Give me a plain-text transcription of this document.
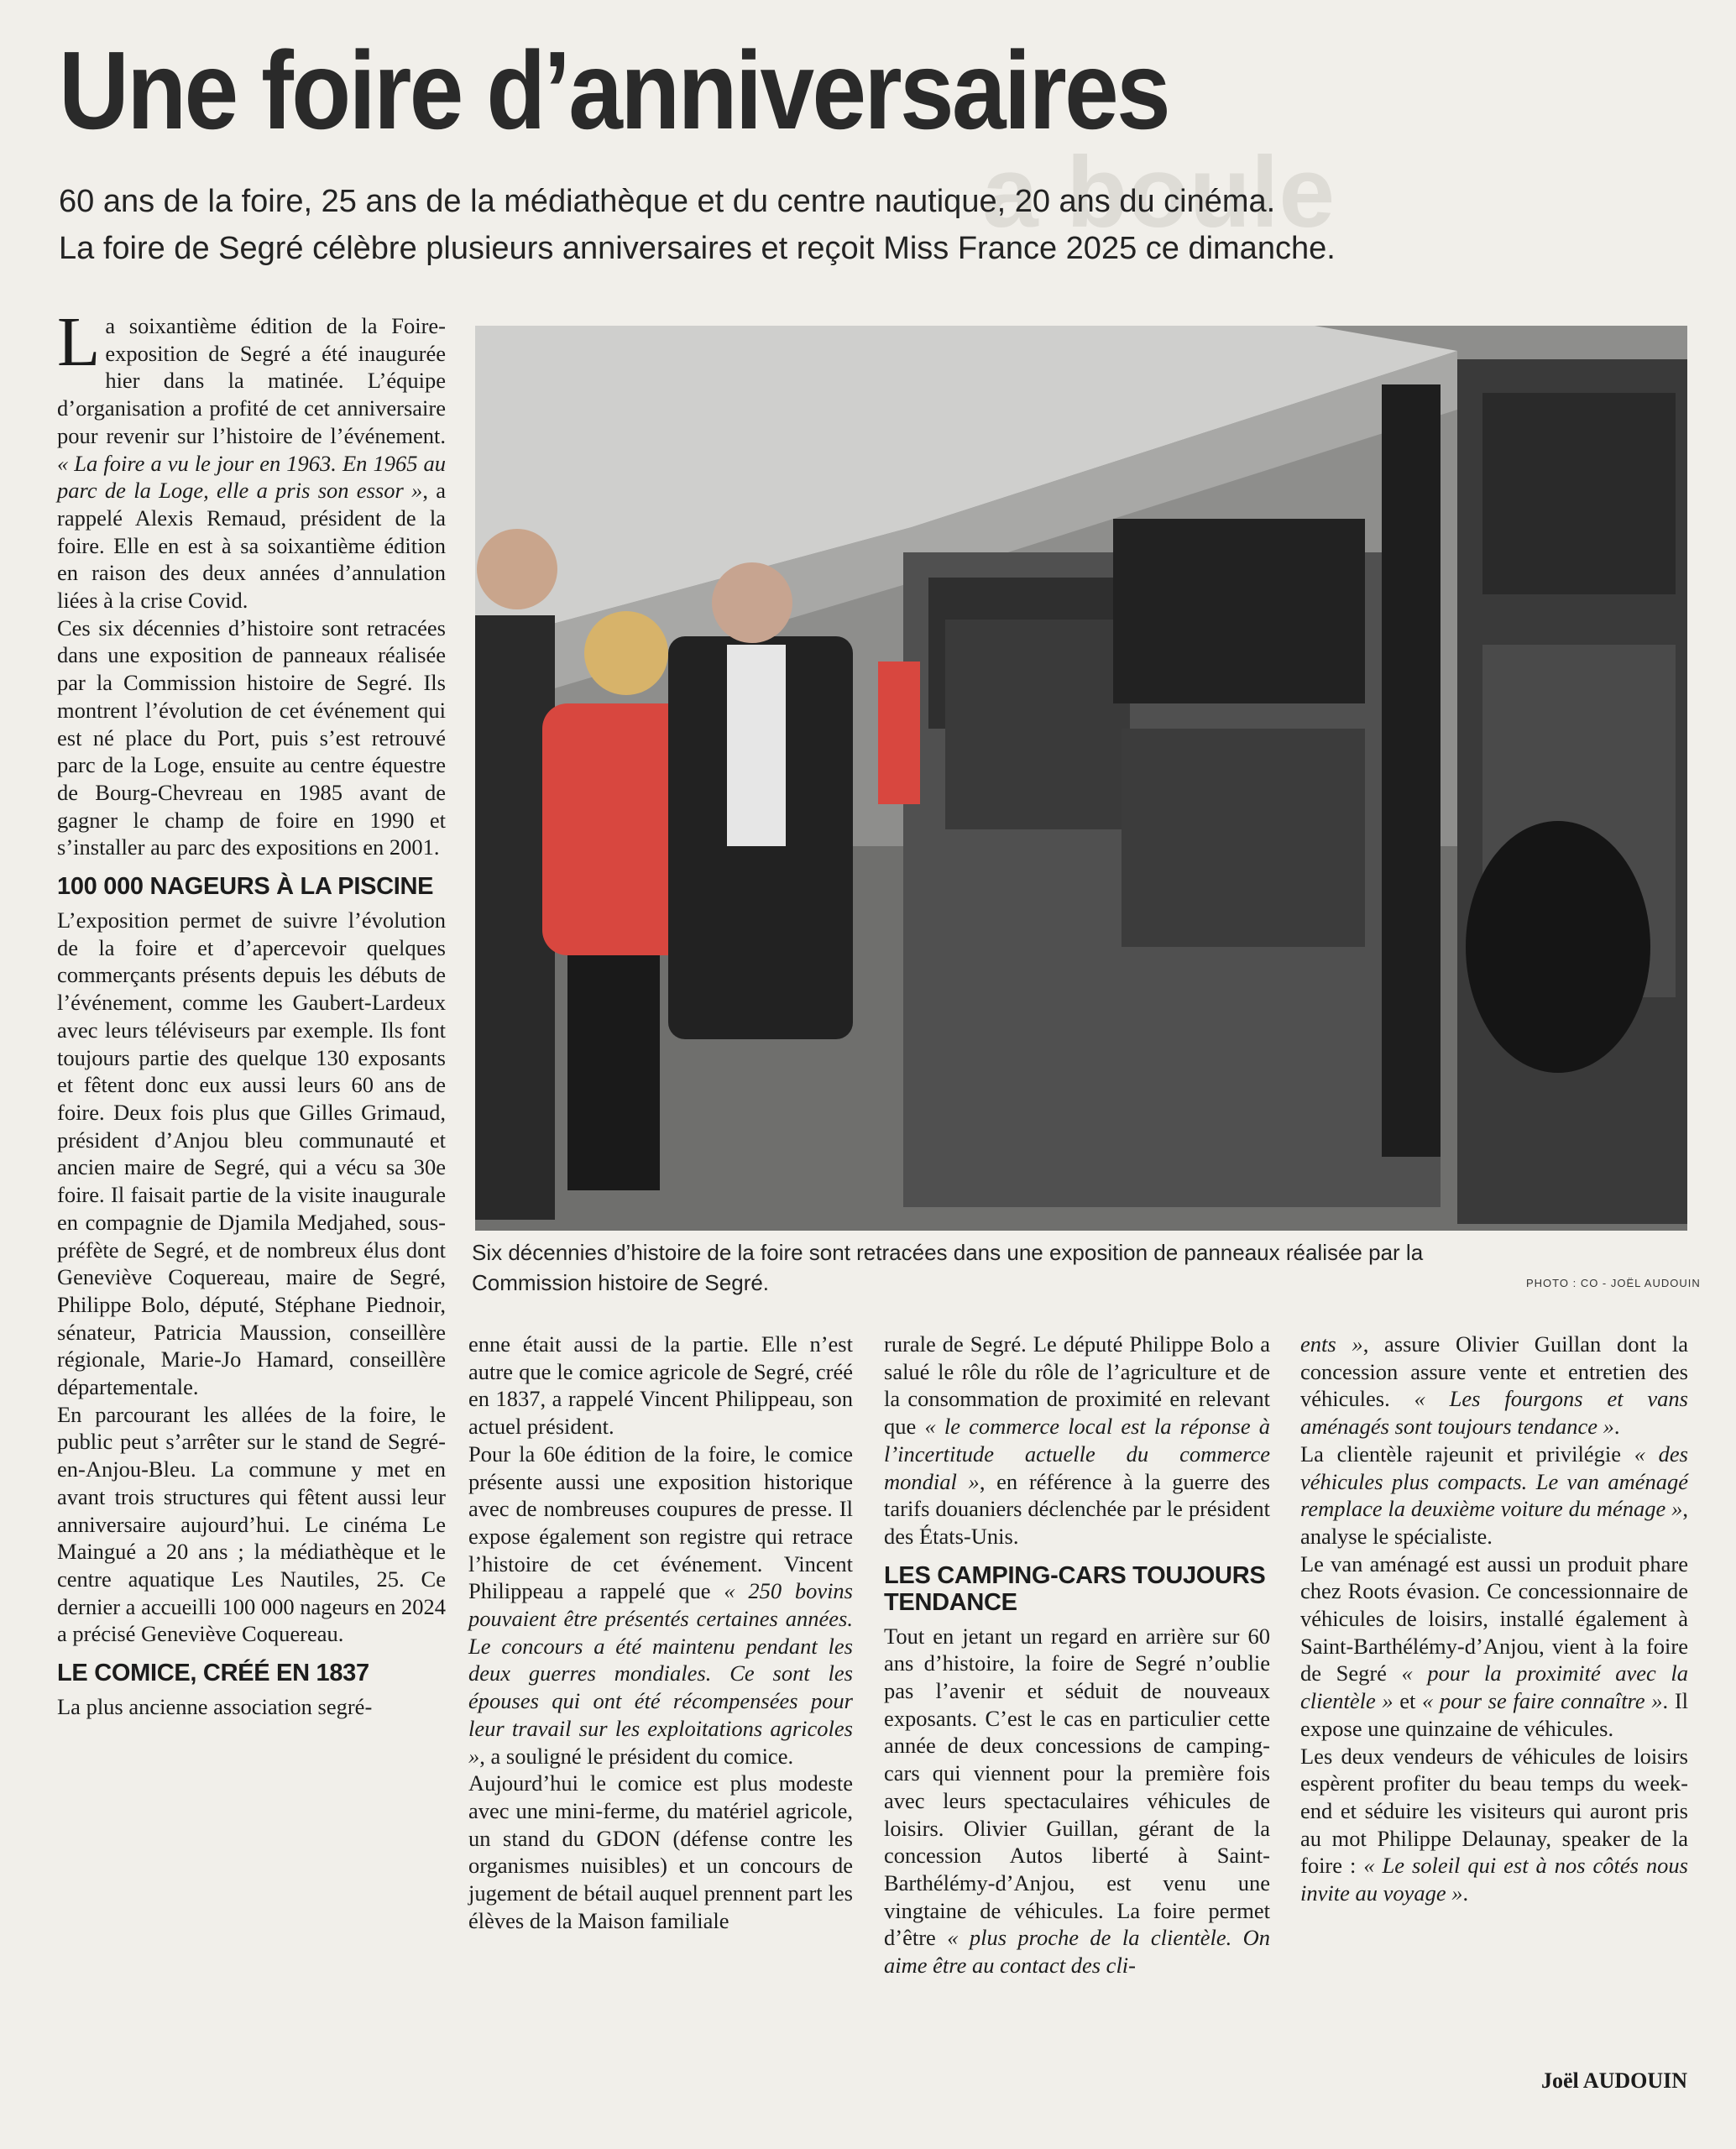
a boule
Une foire d’anniversaires
60 ans de la foire, 25 ans de la médiathèque et du centre nautique, 20 ans du cinéma.
La foire de Segré célèbre plusieurs anniversaires et reçoit Miss France 2025 ce dimanche.

La soixantième édition de la Foire-exposition de Segré a été inaugurée hier dans la matinée. L’équipe d’organisation a profité de cet anniversaire pour revenir sur l’histoire de l’événement. « La foire a vu le jour en 1963. En 1965 au parc de la Loge, elle a pris son essor », a rappelé Alexis Remaud, président de la foire. Elle en est à sa soixantième édition en raison des deux années d’annulation liées à la crise Covid.

Ces six décennies d’histoire sont retracées dans une exposition de panneaux réalisée par la Commission histoire de Segré. Ils montrent l’évolution de cet événement qui est né place du Port, puis s’est retrouvé parc de la Loge, ensuite au centre équestre de Bourg-Chevreau en 1985 avant de gagner le champ de foire en 1990 et s’installer au parc des expositions en 2001.

100 000 NAGEURS À LA PISCINE

L’exposition permet de suivre l’évolution de la foire et d’apercevoir quelques commerçants présents depuis les débuts de l’événement, comme les Gaubert-Lardeux avec leurs téléviseurs par exemple. Ils font toujours partie des quelque 130 exposants et fêtent donc eux aussi leurs 60 ans de foire. Deux fois plus que Gilles Grimaud, président d’Anjou bleu communauté et ancien maire de Segré, qui a vécu sa 30e foire. Il faisait partie de la visite inaugurale en compagnie de Djamila Medjahed, sous-préfète de Segré, et de nombreux élus dont Geneviève Coquereau, maire de Segré, Philippe Bolo, député, Stéphane Piednoir, sénateur, Patricia Maussion, conseillère régionale, Marie-Jo Hamard, conseillère départementale.

En parcourant les allées de la foire, le public peut s’arrêter sur le stand de Segré-en-Anjou-Bleu. La commune y met en avant trois structures qui fêtent aussi leur anniversaire aujourd’hui. Le cinéma Le Maingué a 20 ans ; la médiathèque et le centre aquatique Les Nautiles, 25. Ce dernier a accueilli 100 000 nageurs en 2024 a précisé Geneviève Coquereau.

LE COMICE, CRÉÉ EN 1837

La plus ancienne association segré-

Six décennies d’histoire de la foire sont retracées dans une exposition de panneaux réalisée par la Commission histoire de Segré.	PHOTO : CO - JOËL AUDOUIN

enne était aussi de la partie. Elle n’est autre que le comice agricole de Segré, créé en 1837, a rappelé Vincent Philippeau, son actuel président.

Pour la 60e édition de la foire, le comice présente aussi une exposition historique avec de nombreuses coupures de presse. Il expose également son registre qui retrace l’histoire de cet événement. Vincent Philippeau a rappelé que « 250 bovins pouvaient être présentés certaines années. Le concours a été maintenu pendant les deux guerres mondiales. Ce sont les épouses qui ont été récompensées pour leur travail sur les exploitations agricoles », a souligné le président du comice.

Aujourd’hui le comice est plus modeste avec une mini-ferme, du matériel agricole, un stand du GDON (défense contre les organismes nuisibles) et un concours de jugement de bétail auquel prennent part les élèves de la Maison familiale

rurale de Segré. Le député Philippe Bolo a salué le rôle du rôle de l’agriculture et de la consommation de proximité en relevant que « le commerce local est la réponse à l’incertitude actuelle du commerce mondial », en référence à la guerre des tarifs douaniers déclenchée par le président des États-Unis.

LES CAMPING-CARS TOUJOURS TENDANCE

Tout en jetant un regard en arrière sur 60 ans d’histoire, la foire de Segré n’oublie pas l’avenir et séduit de nouveaux exposants. C’est le cas en particulier cette année de deux concessions de camping-cars qui viennent pour la première fois avec leurs spectaculaires véhicules de loisirs. Olivier Guillan, gérant de la concession Autos liberté à Saint-Barthélémy-d’Anjou, est venu une vingtaine de véhicules. La foire permet d’être « plus proche de la clientèle. On aime être au contact des cli-

ents », assure Olivier Guillan dont la concession assure vente et entretien des véhicules. « Les fourgons et vans aménagés sont toujours tendance ».

La clientèle rajeunit et privilégie « des véhicules plus compacts. Le van aménagé remplace la deuxième voiture du ménage », analyse le spécialiste.

Le van aménagé est aussi un produit phare chez Roots évasion. Ce concessionnaire de véhicules de loisirs, installé également à Saint-Barthélémy-d’Anjou, vient à la foire de Segré « pour la proximité avec la clientèle » et « pour se faire connaître ». Il expose une quinzaine de véhicules.

Les deux vendeurs de véhicules de loisirs espèrent profiter du beau temps du week-end et séduire les visiteurs qui auront pris au mot Philippe Delaunay, speaker de la foire : « Le soleil qui est à nos côtés nous invite au voyage ».

Joël AUDOUIN
